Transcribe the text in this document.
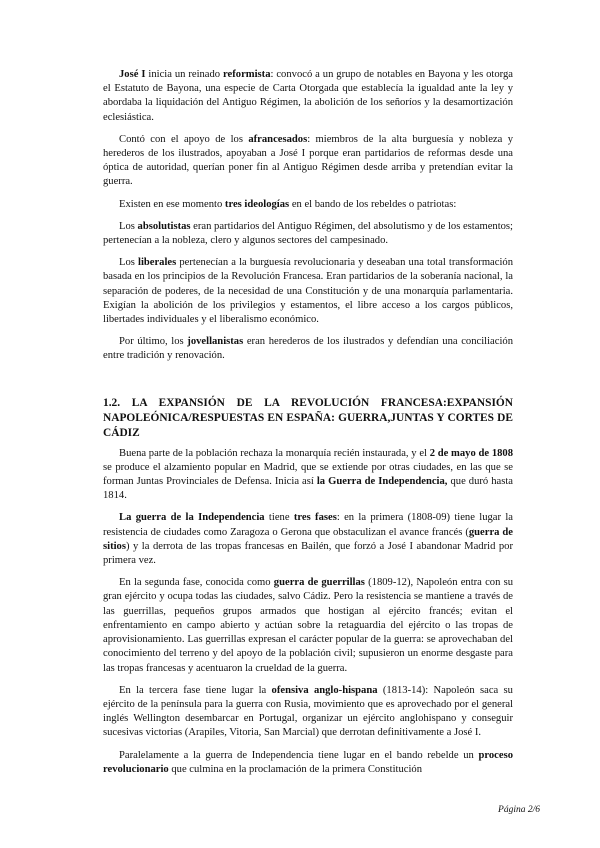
José I inicia un reinado reformista: convocó a un grupo de notables en Bayona y les otorga el Estatuto de Bayona, una especie de Carta Otorgada que establecía la igualdad ante la ley y abordaba la liquidación del Antiguo Régimen, la abolición de los señoríos y la desamortización eclesiástica.

Contó con el apoyo de los afrancesados: miembros de la alta burguesía y nobleza y herederos de los ilustrados, apoyaban a José I porque eran partidarios de reformas desde una óptica de autoridad, querían poner fin al Antiguo Régimen desde arriba y pretendían evitar la guerra.

Existen en ese momento tres ideologías en el bando de los rebeldes o patriotas:

Los absolutistas eran partidarios del Antiguo Régimen, del absolutismo y de los estamentos; pertenecían a la nobleza, clero y algunos sectores del campesinado.

Los liberales pertenecían a la burguesía revolucionaria y deseaban una total transformación basada en los principios de la Revolución Francesa. Eran partidarios de la soberanía nacional, la separación de poderes, de la necesidad de una Constitución y de una monarquía parlamentaria. Exigían la abolición de los privilegios y estamentos, el libre acceso a los cargos públicos, libertades individuales y el liberalismo económico.

Por último, los jovellanistas eran herederos de los ilustrados y defendían una conciliación entre tradición y renovación.

1.2. LA EXPANSIÓN DE LA REVOLUCIÓN FRANCESA:EXPANSIÓN NAPOLEÓNICA/RESPUESTAS EN ESPAÑA: GUERRA,JUNTAS Y CORTES DE CÁDIZ

Buena parte de la población rechaza la monarquía recién instaurada, y el 2 de mayo de 1808 se produce el alzamiento popular en Madrid, que se extiende por otras ciudades, en las que se forman Juntas Provinciales de Defensa. Inicia así la Guerra de Independencia, que duró hasta 1814.

La guerra de la Independencia tiene tres fases: en la primera (1808-09) tiene lugar la resistencia de ciudades como Zaragoza o Gerona que obstaculizan el avance francés (guerra de sitios) y la derrota de las tropas francesas en Bailén, que forzó a José I abandonar Madrid por primera vez.

En la segunda fase, conocida como guerra de guerrillas (1809-12), Napoleón entra con su gran ejército y ocupa todas las ciudades, salvo Cádiz. Pero la resistencia se mantiene a través de las guerrillas, pequeños grupos armados que hostigan al ejército francés; evitan el enfrentamiento en campo abierto y actúan sobre la retaguardia del ejército o las tropas de aprovisionamiento. Las guerrillas expresan el carácter popular de la guerra: se aprovechaban del conocimiento del terreno y del apoyo de la población civil; supusieron un enorme desgaste para las tropas francesas y acentuaron la crueldad de la guerra.

En la tercera fase tiene lugar la ofensiva anglo-hispana (1813-14): Napoleón saca su ejército de la península para la guerra con Rusia, movimiento que es aprovechado por el general inglés Wellington desembarcar en Portugal, organizar un ejército anglohispano y conseguir sucesivas victorias (Arapiles, Vitoria, San Marcial) que derrotan definitivamente a José I.

Paralelamente a la guerra de Independencia tiene lugar en el bando rebelde un proceso revolucionario que culmina en la proclamación de la primera Constitución

Página 2/6
